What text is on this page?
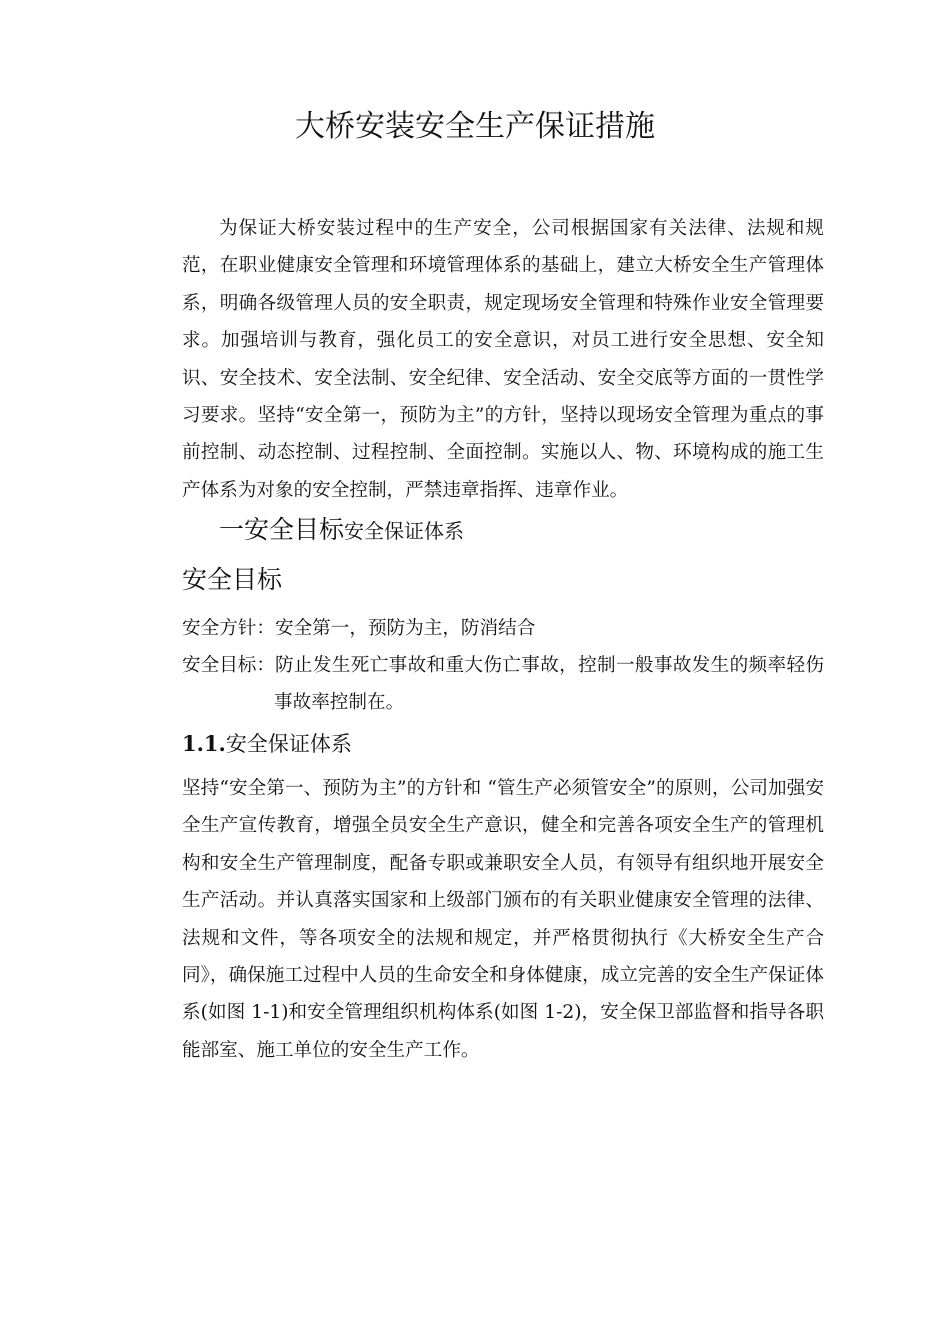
大桥安装安全生产保证措施

为保证大桥安装过程中的生产安全，公司根据国家有关法律、法规和规范，在职业健康安全管理和环境管理体系的基础上，建立大桥安全生产管理体系，明确各级管理人员的安全职责，规定现场安全管理和特殊作业安全管理要求。加强培训与教育，强化员工的安全意识，对员工进行安全思想、安全知识、安全技术、安全法制、安全纪律、安全活动、安全交底等方面的一贯性学习要求。坚持“安全第一，预防为主”的方针，坚持以现场安全管理为重点的事前控制、动态控制、过程控制、全面控制。实施以人、物、环境构成的施工生产体系为对象的安全控制，严禁违章指挥、违章作业。

一安全目标安全保证体系
安全目标
安全方针：安全第一，预防为主，防消结合
安全目标： 防止发生死亡事故和重大伤亡事故，控制一般事故发生的频率轻伤事故率控制在。
1.1.安全保证体系

坚持“安全第一、预防为主”的方针和 “管生产必须管安全”的原则，公司加强安全生产宣传教育，增强全员安全生产意识，健全和完善各项安全生产的管理机构和安全生产管理制度，配备专职或兼职安全人员，有领导有组织地开展安全生产活动。并认真落实国家和上级部门颁布的有关职业健康安全管理的法律、法规和文件，等各项安全的法规和规定，并严格贯彻执行《大桥安全生产合同》，确保施工过程中人员的生命安全和身体健康，成立完善的安全生产保证体系(如图 1-1)和安全管理组织机构体系(如图 1-2)，安全保卫部监督和指导各职能部室、施工单位的安全生产工作。
